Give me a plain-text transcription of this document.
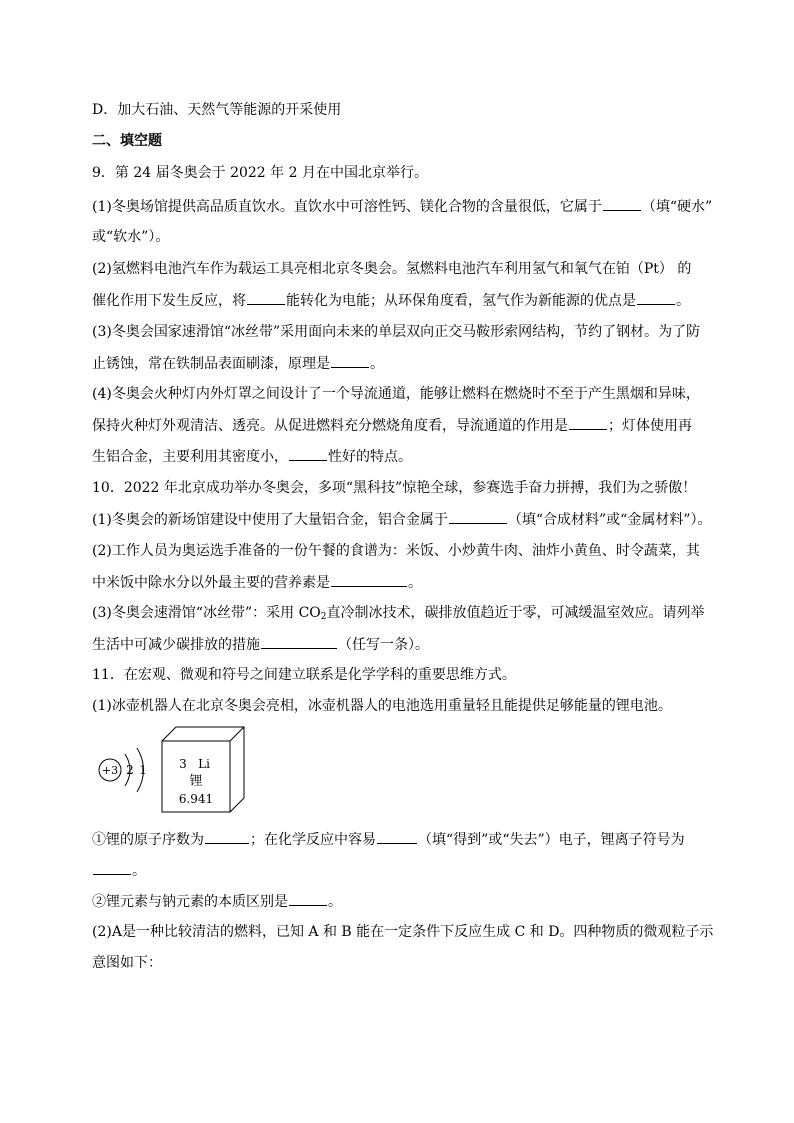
D．加大石油、天然气等能源的开采使用
二、填空题
9．第 24 届冬奥会于 2022 年 2 月在中国北京举行。
(1)冬奥场馆提供高品质直饮水。直饮水中可溶性钙、镁化合物的含量很低，它属于	（填“硬水”
或“软水”）。
(2)氢燃料电池汽车作为载运工具亮相北京冬奥会。氢燃料电池汽车利用氢气和氧气在铂（Pt） 的
催化作用下发生反应，将	能转化为电能；从环保角度看，氢气作为新能源的优点是	。
(3)冬奥会国家速滑馆“冰丝带”采用面向未来的单层双向正交马鞍形索网结构，节约了钢材。为了防
止锈蚀，常在铁制品表面刷漆，原理是	。
(4)冬奥会火种灯内外灯罩之间设计了一个导流通道，能够让燃料在燃烧时不至于产生黑烟和异味，
保持火种灯外观清洁、透亮。从促进燃料充分燃烧角度看，导流通道的作用是	；灯体使用再
生铝合金，主要利用其密度小，	性好的特点。
10．2022 年北京成功举办冬奥会，多项“黑科技”惊艳全球，参赛选手奋力拼搏，我们为之骄傲！
(1)冬奥会的新场馆建设中使用了大量铝合金，铝合金属于	（填“合成材料”或“金属材料”）。
(2)工作人员为奥运选手准备的一份午餐的食谱为：米饭、小炒黄牛肉、油炸小黄鱼、时令蔬菜，其
中米饭中除水分以外最主要的营养素是	。
(3)冬奥会速滑馆“冰丝带”：采用 $CO_2$直冷制冰技术，碳排放值趋近于零，可减缓温室效应。请列举
生活中可减少碳排放的措施	（任写一条）。
11．在宏观、微观和符号之间建立联系是化学学科的重要思维方式。
(1)冰壶机器人在北京冬奥会亮相，冰壶机器人的电池选用重量轻且能提供足够能量的锂电池。
+3 2 1	3 Li
锂
6.941
①锂的原子序数为	；在化学反应中容易	（填“得到”或“失去”）电子，锂离子符号为
。
②锂元素与钠元素的本质区别是	。
(2)A是一种比较清洁的燃料，已知 A 和 B 能在一定条件下反应生成 C 和 D。四种物质的微观粒子示
意图如下：
